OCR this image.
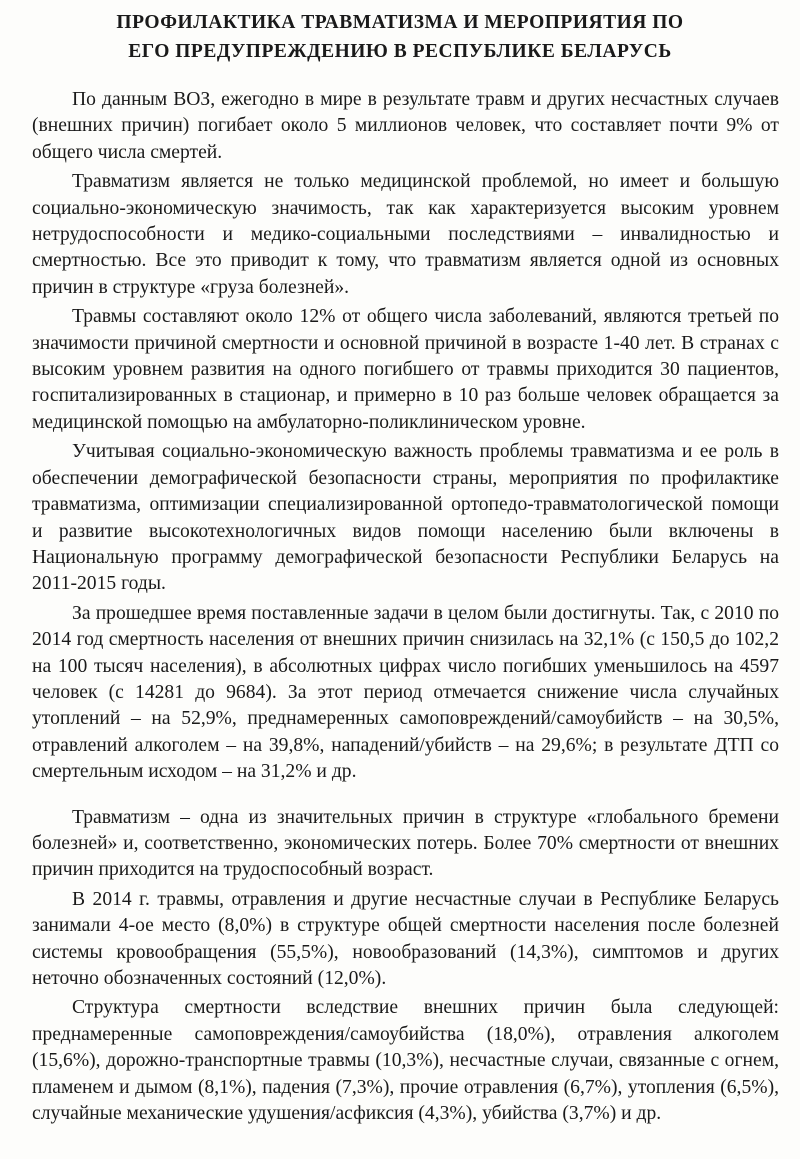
ПРОФИЛАКТИКА ТРАВМАТИЗМА И МЕРОПРИЯТИЯ ПО
ЕГО ПРЕДУПРЕЖДЕНИЮ В РЕСПУБЛИКЕ БЕЛАРУСЬ

По данным ВОЗ, ежегодно в мире в результате травм и других несчастных случаев (внешних причин) погибает около 5 миллионов человек, что составляет почти 9% от общего числа смертей.

Травматизм является не только медицинской проблемой, но имеет и большую социально-экономическую значимость, так как характеризуется высоким уровнем нетрудоспособности и медико-социальными последствиями – инвалидностью и смертностью. Все это приводит к тому, что травматизм является одной из основных причин в структуре «груза болезней».

Травмы составляют около 12% от общего числа заболеваний, являются третьей по значимости причиной смертности и основной причиной в возрасте 1-40 лет. В странах с высоким уровнем развития на одного погибшего от травмы приходится 30 пациентов, госпитализированных в стационар, и примерно в 10 раз больше человек обращается за медицинской помощью на амбулаторно-поликлиническом уровне.

Учитывая социально-экономическую важность проблемы травматизма и ее роль в обеспечении демографической безопасности страны, мероприятия по профилактике травматизма, оптимизации специализированной ортопедо-травматологической помощи и развитие высокотехнологичных видов помощи населению были включены в Национальную программу демографической безопасности Республики Беларусь на 2011-2015 годы.

За прошедшее время поставленные задачи в целом были достигнуты. Так, с 2010 по 2014 год смертность населения от внешних причин снизилась на 32,1% (с 150,5 до 102,2 на 100 тысяч населения), в абсолютных цифрах число погибших уменьшилось на 4597 человек (с 14281 до 9684). За этот период отмечается снижение числа случайных утоплений – на 52,9%, преднамеренных самоповреждений/самоубийств – на 30,5%, отравлений алкоголем – на 39,8%, нападений/убийств – на 29,6%; в результате ДТП со смертельным исходом – на 31,2% и др.

Травматизм – одна из значительных причин в структуре «глобального бремени болезней» и, соответственно, экономических потерь. Более 70% смертности от внешних причин приходится на трудоспособный возраст.

В 2014 г. травмы, отравления и другие несчастные случаи в Республике Беларусь занимали 4-ое место (8,0%) в структуре общей смертности населения после болезней системы кровообращения (55,5%), новообразований (14,3%), симптомов и других неточно обозначенных состояний (12,0%).

Структура смертности вследствие внешних причин была следующей: преднамеренные самоповреждения/самоубийства (18,0%), отравления алкоголем (15,6%), дорожно-транспортные травмы (10,3%), несчастные случаи, связанные с огнем, пламенем и дымом (8,1%), падения (7,3%), прочие отравления (6,7%), утопления (6,5%), случайные механические удушения/асфиксия (4,3%), убийства (3,7%) и др.
